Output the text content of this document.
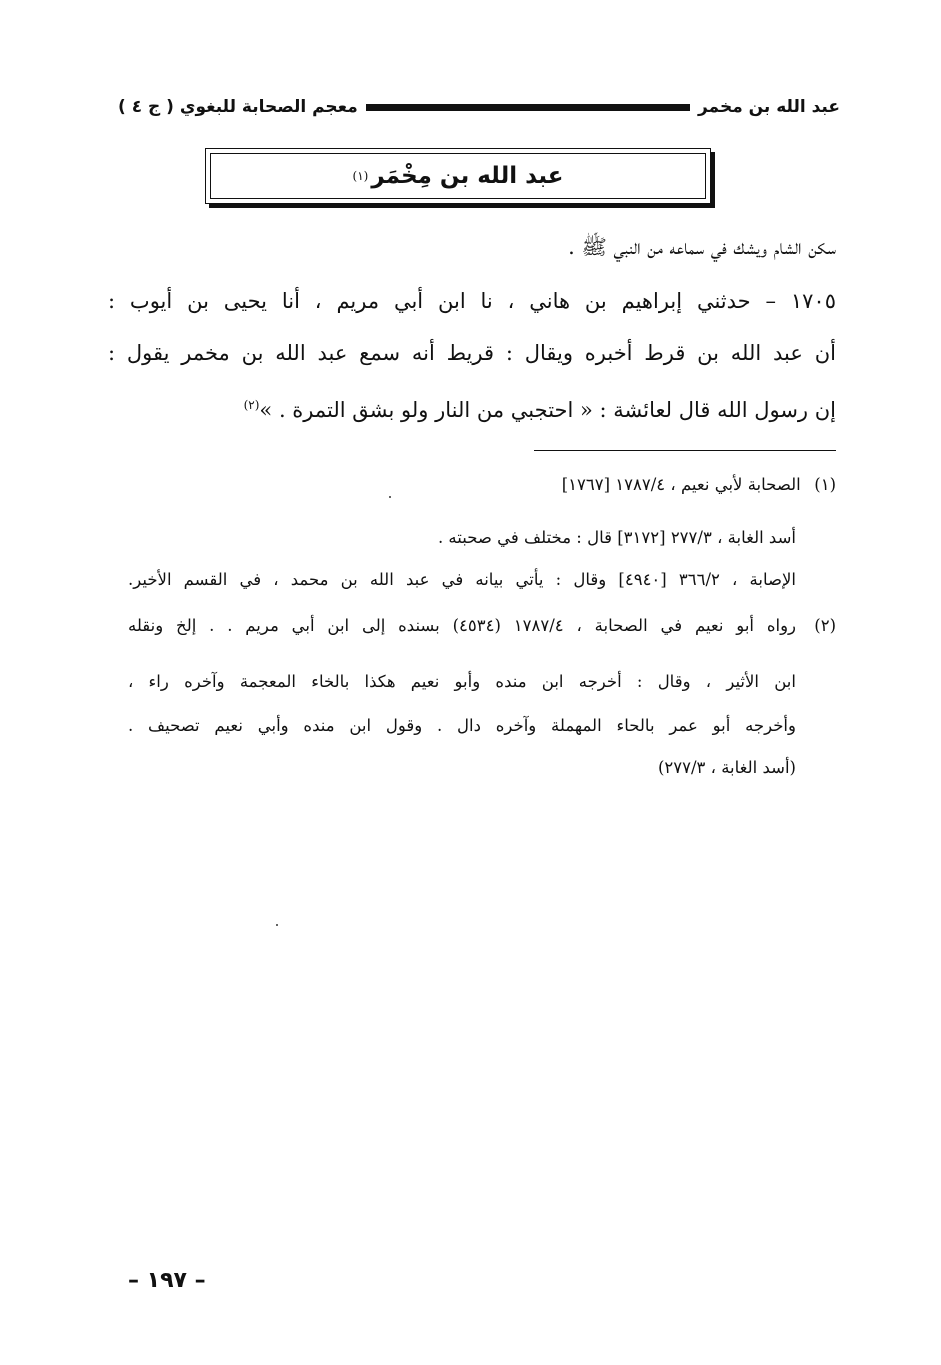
معجم الصحابة للبغوي ( ج ٤ )	عبد الله بن مخمر
عبد الله بن مِخْمَر
(١)
سكن الشام ويشك في سماعه من النبي ﷺ .
١٧٠٥ – حدثني إبراهيم بن هاني ، نا ابن أبي مريم ، أنا يحيى بن أيوب :
أن عبد الله بن قرط أخبره ويقال : قريط أنه سمع عبد الله بن مخمر يقول :
إن رسول الله قال لعائشة : « احتجبي من النار ولو بشق التمرة . »$^{(٢)}$
(١) الصحابة لأبي نعيم ، ١٧٨٧/٤ [١٧٦٧]
أسد الغابة ، ٢٧٧/٣ [٣١٧٢] قال : مختلف في صحبته .
الإصابة ، ٣٦٦/٢ [٤٩٤٠] وقال : يأتي بيانه في عبد الله بن محمد ، في القسم الأخير.
(٢)
رواه أبو نعيم في الصحابة ، ١٧٨٧/٤ (٤٥٣٤) بسنده إلى ابن أبي مريم . . إلخ ونقله
ابن الأثير ، وقال : أخرجه ابن منده وأبو نعيم هكذا بالخاء المعجمة وآخره راء ،
وأخرجه أبو عمر بالحاء المهملة وآخره دال . وقول ابن منده وأبي نعيم تصحيف .
(أسد الغابة ، ٢٧٧/٣)
– ١٩٧ –
